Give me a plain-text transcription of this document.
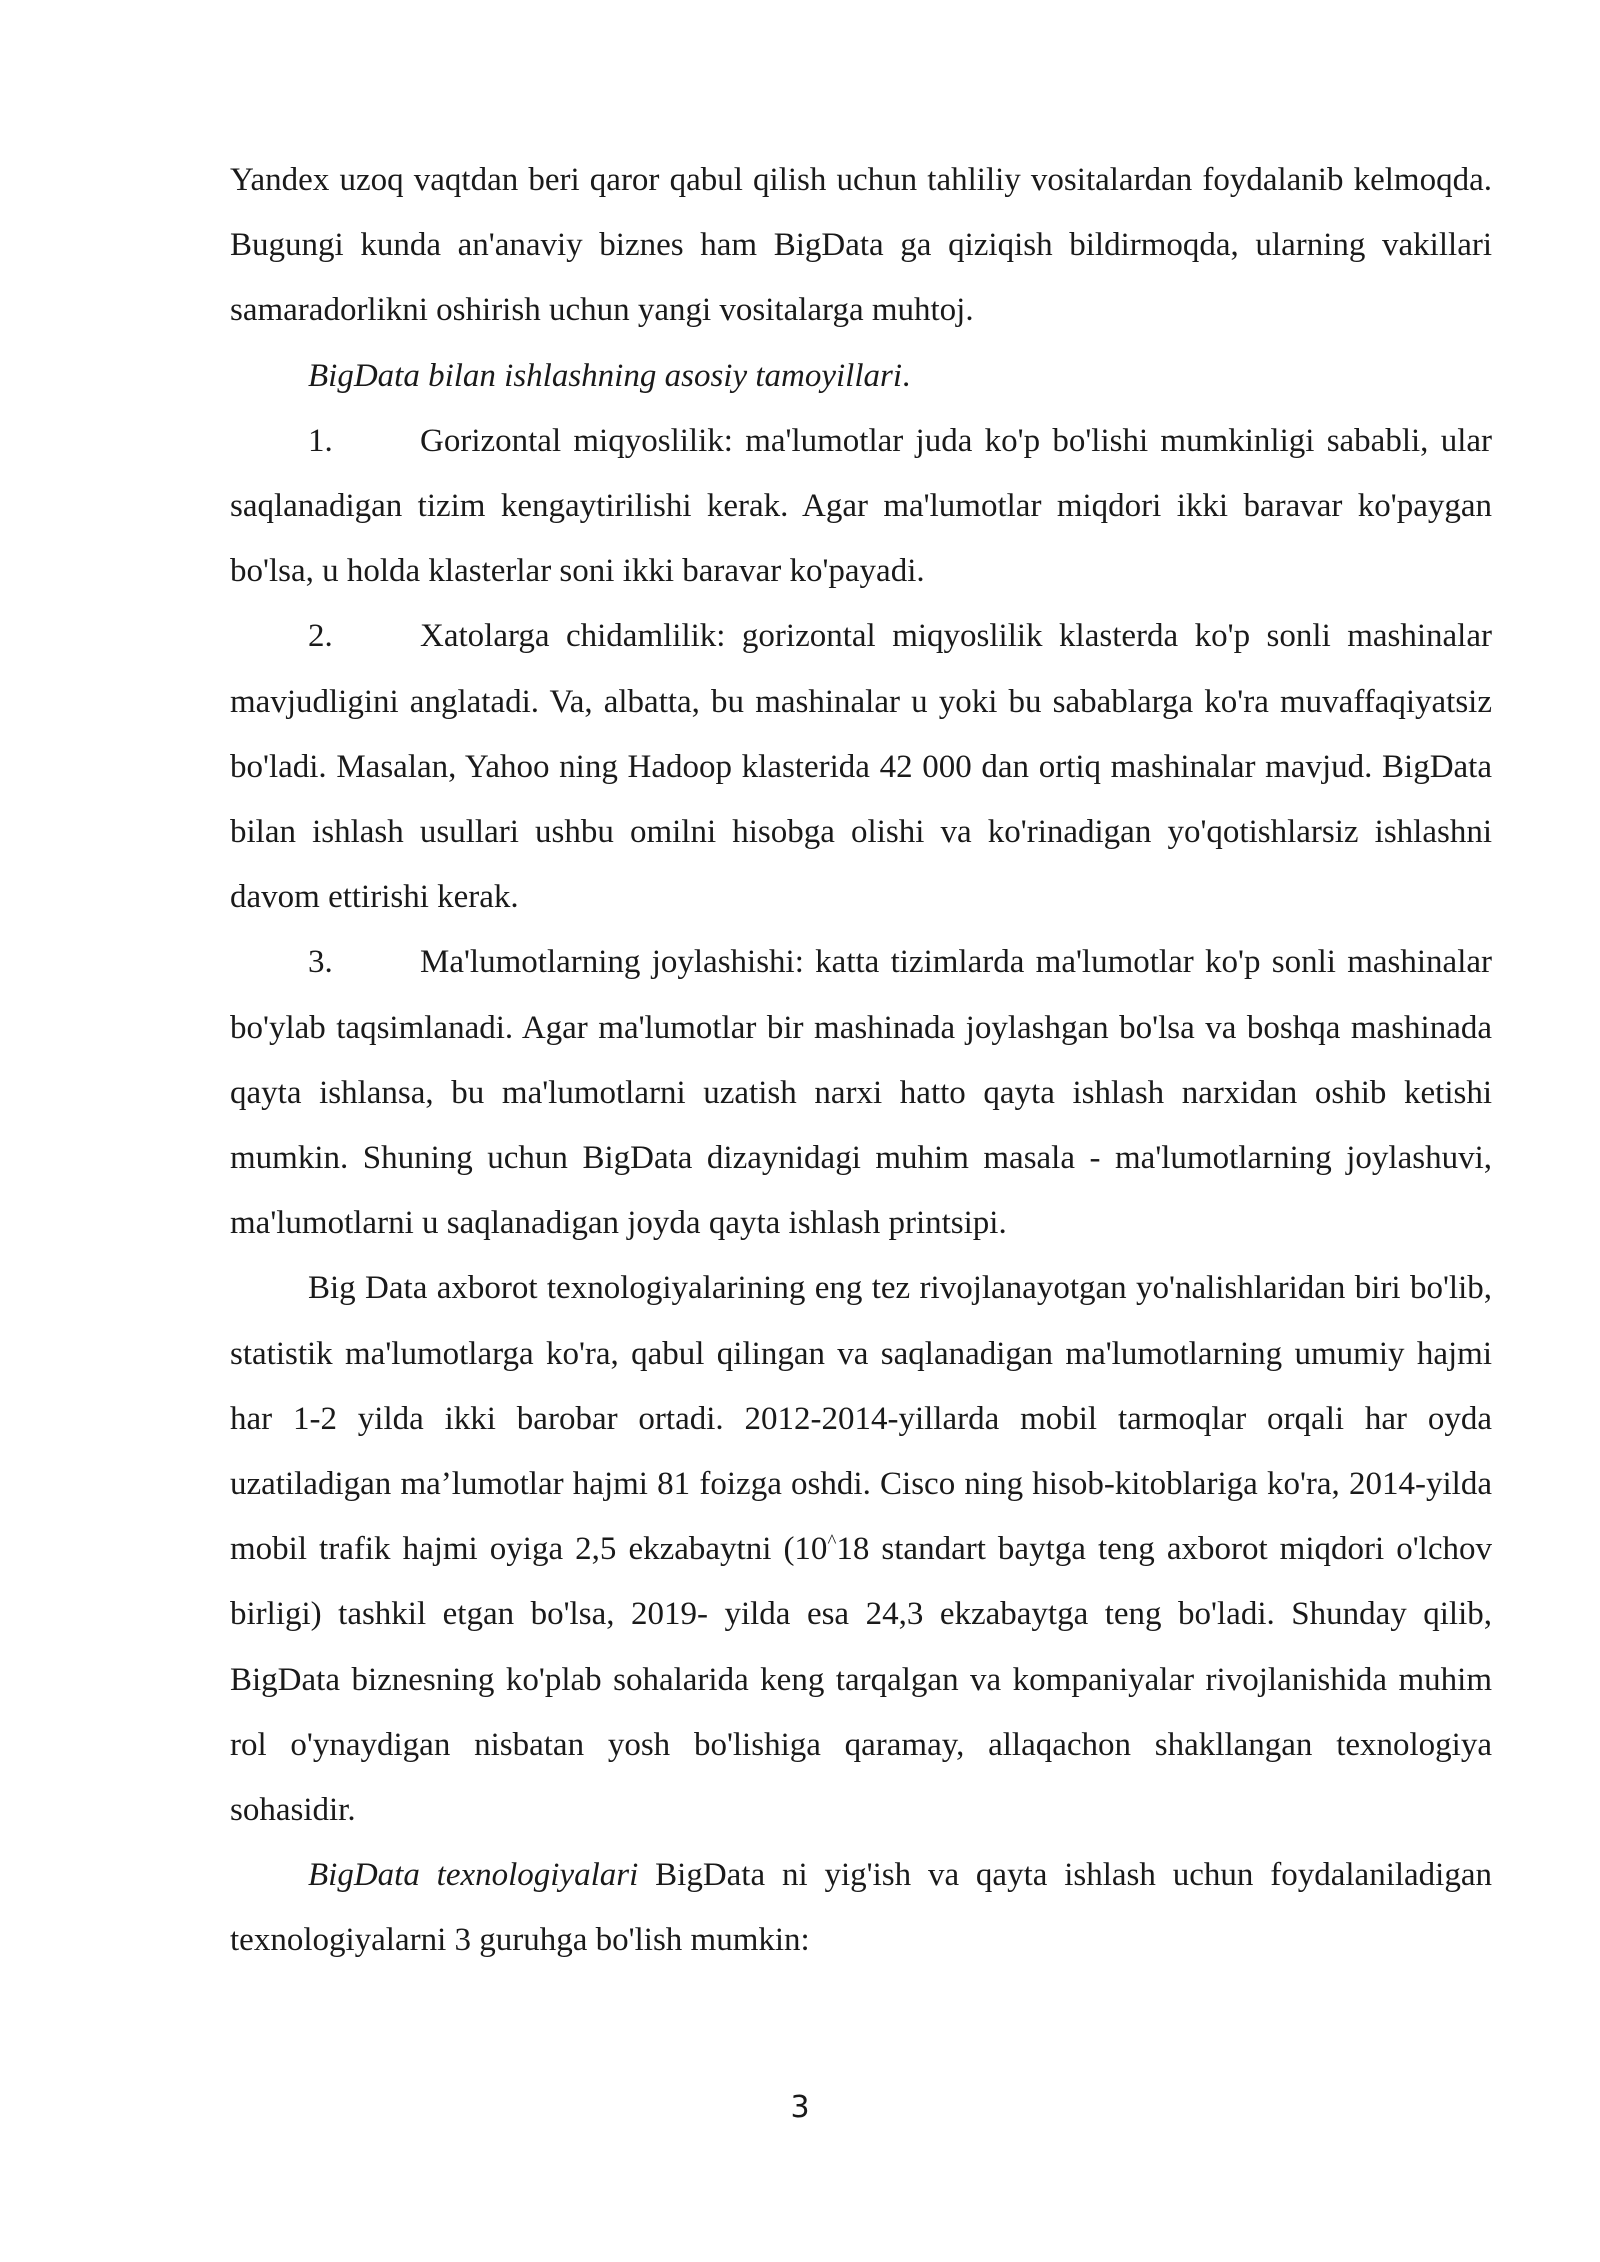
Yandex uzoq vaqtdan beri qaror qabul qilish uchun tahliliy vositalardan foydalanib kelmoqda. Bugungi kunda an'anaviy biznes ham BigData ga qiziqish bildirmoqda, ularning vakillari samaradorlikni oshirish uchun yangi vositalarga muhtoj.

BigData bilan ishlashning asosiy tamoyillari.

1.	Gorizontal miqyoslilik: ma'lumotlar juda ko'p bo'lishi mumkinligi sababli, ular saqlanadigan tizim kengaytirilishi kerak. Agar ma'lumotlar miqdori ikki baravar ko'paygan bo'lsa, u holda klasterlar soni ikki baravar ko'payadi.

2.	Xatolarga chidamlilik: gorizontal miqyoslilik klasterda ko'p sonli mashinalar mavjudligini anglatadi. Va, albatta, bu mashinalar u yoki bu sabablarga ko'ra muvaffaqiyatsiz bo'ladi. Masalan, Yahoo ning Hadoop klasterida 42 000 dan ortiq mashinalar mavjud. BigData bilan ishlash usullari ushbu omilni hisobga olishi va ko'rinadigan yo'qotishlarsiz ishlashni davom ettirishi kerak.

3.	Ma'lumotlarning joylashishi: katta tizimlarda ma'lumotlar ko'p sonli mashinalar bo'ylab taqsimlanadi. Agar ma'lumotlar bir mashinada joylashgan bo'lsa va boshqa mashinada qayta ishlansa, bu ma'lumotlarni uzatish narxi hatto qayta ishlash narxidan oshib ketishi mumkin. Shuning uchun BigData dizaynidagi muhim masala - ma'lumotlarning joylashuvi, ma'lumotlarni u saqlanadigan joyda qayta ishlash printsipi.

Big Data axborot texnologiyalarining eng tez rivojlanayotgan yo'nalishlaridan biri bo'lib, statistik ma'lumotlarga ko'ra, qabul qilingan va saqlanadigan ma'lumotlarning umumiy hajmi har 1-2 yilda ikki barobar ortadi. 2012-2014-yillarda mobil tarmoqlar orqali har oyda uzatiladigan ma’lumotlar hajmi 81 foizga oshdi. Cisco ning hisob-kitoblariga ko'ra, 2014-yilda mobil trafik hajmi oyiga 2,5 ekzabaytni (10^18 standart baytga teng axborot miqdori o'lchov birligi) tashkil etgan bo'lsa, 2019- yilda esa 24,3 ekzabaytga teng bo'ladi. Shunday qilib, BigData biznesning ko'plab sohalarida keng tarqalgan va kompaniyalar rivojlanishida muhim rol o'ynaydigan nisbatan yosh bo'lishiga qaramay, allaqachon shakllangan texnologiya sohasidir.

BigData texnologiyalari BigData ni yig'ish va qayta ishlash uchun foydalaniladigan texnologiyalarni 3 guruhga bo'lish mumkin:

3
